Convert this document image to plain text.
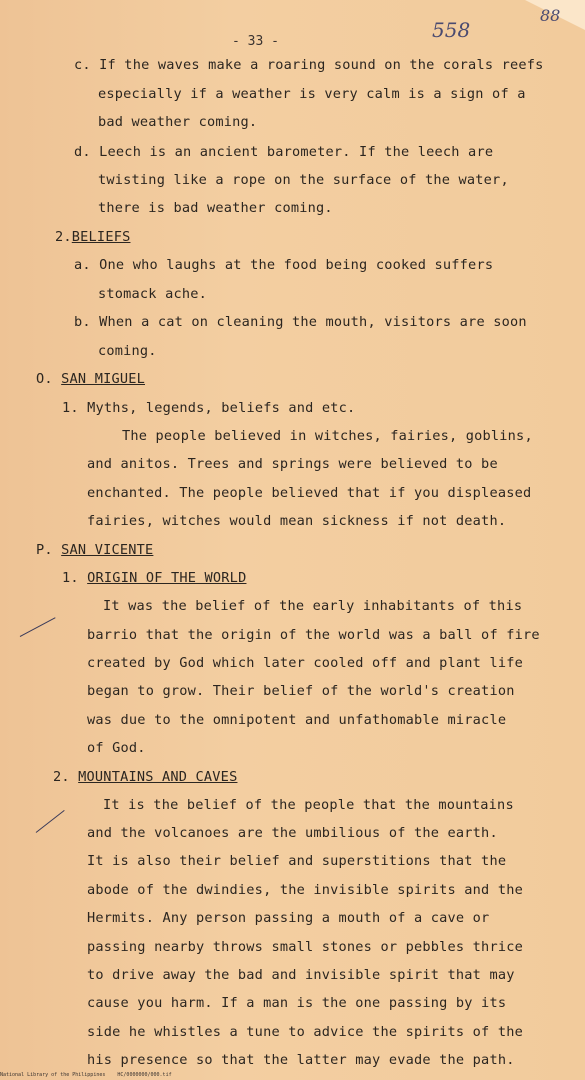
- 33 -	558
88
c. If the waves make a roaring sound on the corals reefs
especially if a weather is very calm is a sign of a
bad weather coming.
d. Leech is an ancient barometer. If the leech are
twisting like a rope on the surface of the water,
there is bad weather coming.
2.BELIEFS
a. One who laughs at the food being cooked suffers
stomack ache.
b. When a cat on cleaning the mouth, visitors are soon
coming.
O. SAN MIGUEL
1. Myths, legends, beliefs and etc.
The people believed in witches, fairies, goblins,
and anitos. Trees and springs were believed to be
enchanted. The people believed that if you displeased
fairies, witches would mean sickness if not death.
P. SAN VICENTE
1. ORIGIN OF THE WORLD
It was the belief of the early inhabitants of this
barrio that the origin of the world was a ball of fire
created by God which later cooled off and plant life
began to grow. Their belief of the world's creation
was due to the omnipotent and unfathomable miracle
of God.
2. MOUNTAINS AND CAVES
It is the belief of the people that the mountains
and the volcanoes are the umbilious of the earth.
It is also their belief and superstitions that the
abode of the dwindies, the invisible spirits and the
Hermits. Any person passing a mouth of a cave or
passing nearby throws small stones or pebbles thrice
to drive away the bad and invisible spirit that may
cause you harm. If a man is the one passing by its
side he whistles a tune to advice the spirits of the
his presence so that the latter may evade the path.
National Library of the Philippines    HC/0000000/000.tif
